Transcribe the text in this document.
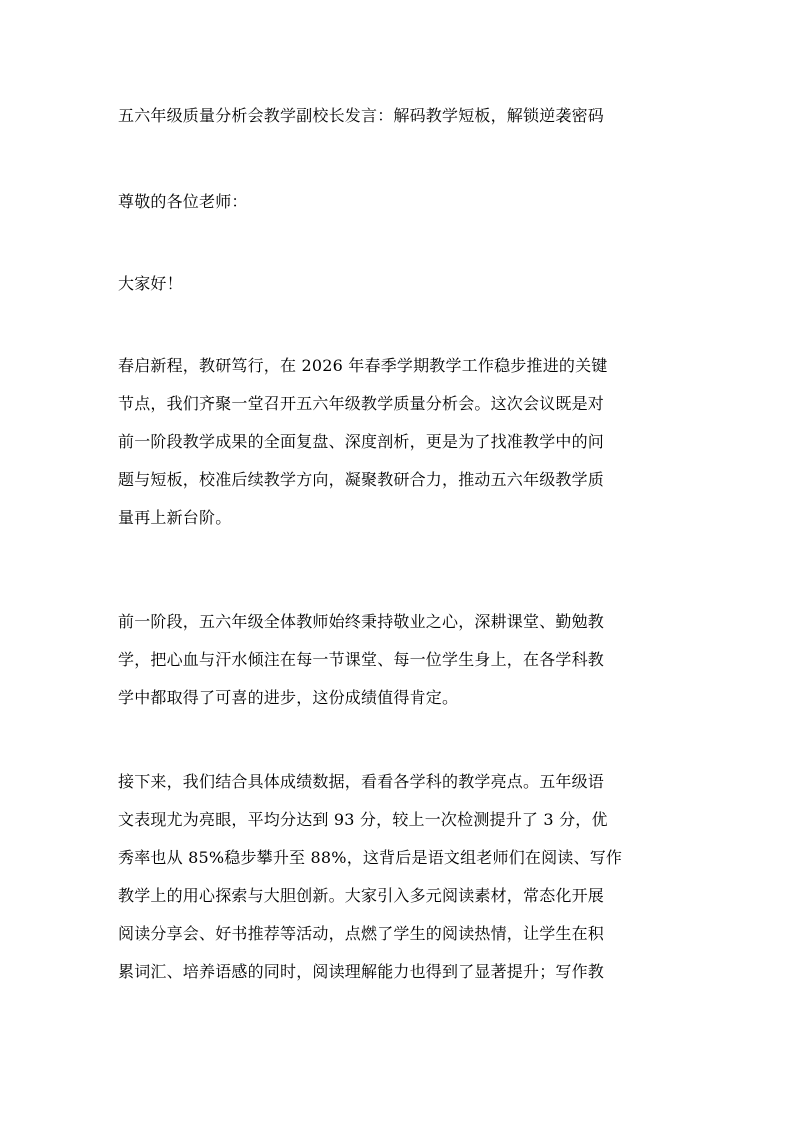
五六年级质量分析会教学副校长发言：解码教学短板，解锁逆袭密码
尊敬的各位老师：
大家好！
春启新程，教研笃行，在 2026 年春季学期教学工作稳步推进的关键
节点，我们齐聚一堂召开五六年级教学质量分析会。这次会议既是对
前一阶段教学成果的全面复盘、深度剖析，更是为了找准教学中的问
题与短板，校准后续教学方向，凝聚教研合力，推动五六年级教学质
量再上新台阶。
前一阶段，五六年级全体教师始终秉持敬业之心，深耕课堂、勤勉教
学，把心血与汗水倾注在每一节课堂、每一位学生身上，在各学科教
学中都取得了可喜的进步，这份成绩值得肯定。
接下来，我们结合具体成绩数据，看看各学科的教学亮点。五年级语
文表现尤为亮眼，平均分达到 93 分，较上一次检测提升了 3 分，优
秀率也从 85%稳步攀升至 88%，这背后是语文组老师们在阅读、写作
教学上的用心探索与大胆创新。大家引入多元阅读素材，常态化开展
阅读分享会、好书推荐等活动，点燃了学生的阅读热情，让学生在积
累词汇、培养语感的同时，阅读理解能力也得到了显著提升；写作教
